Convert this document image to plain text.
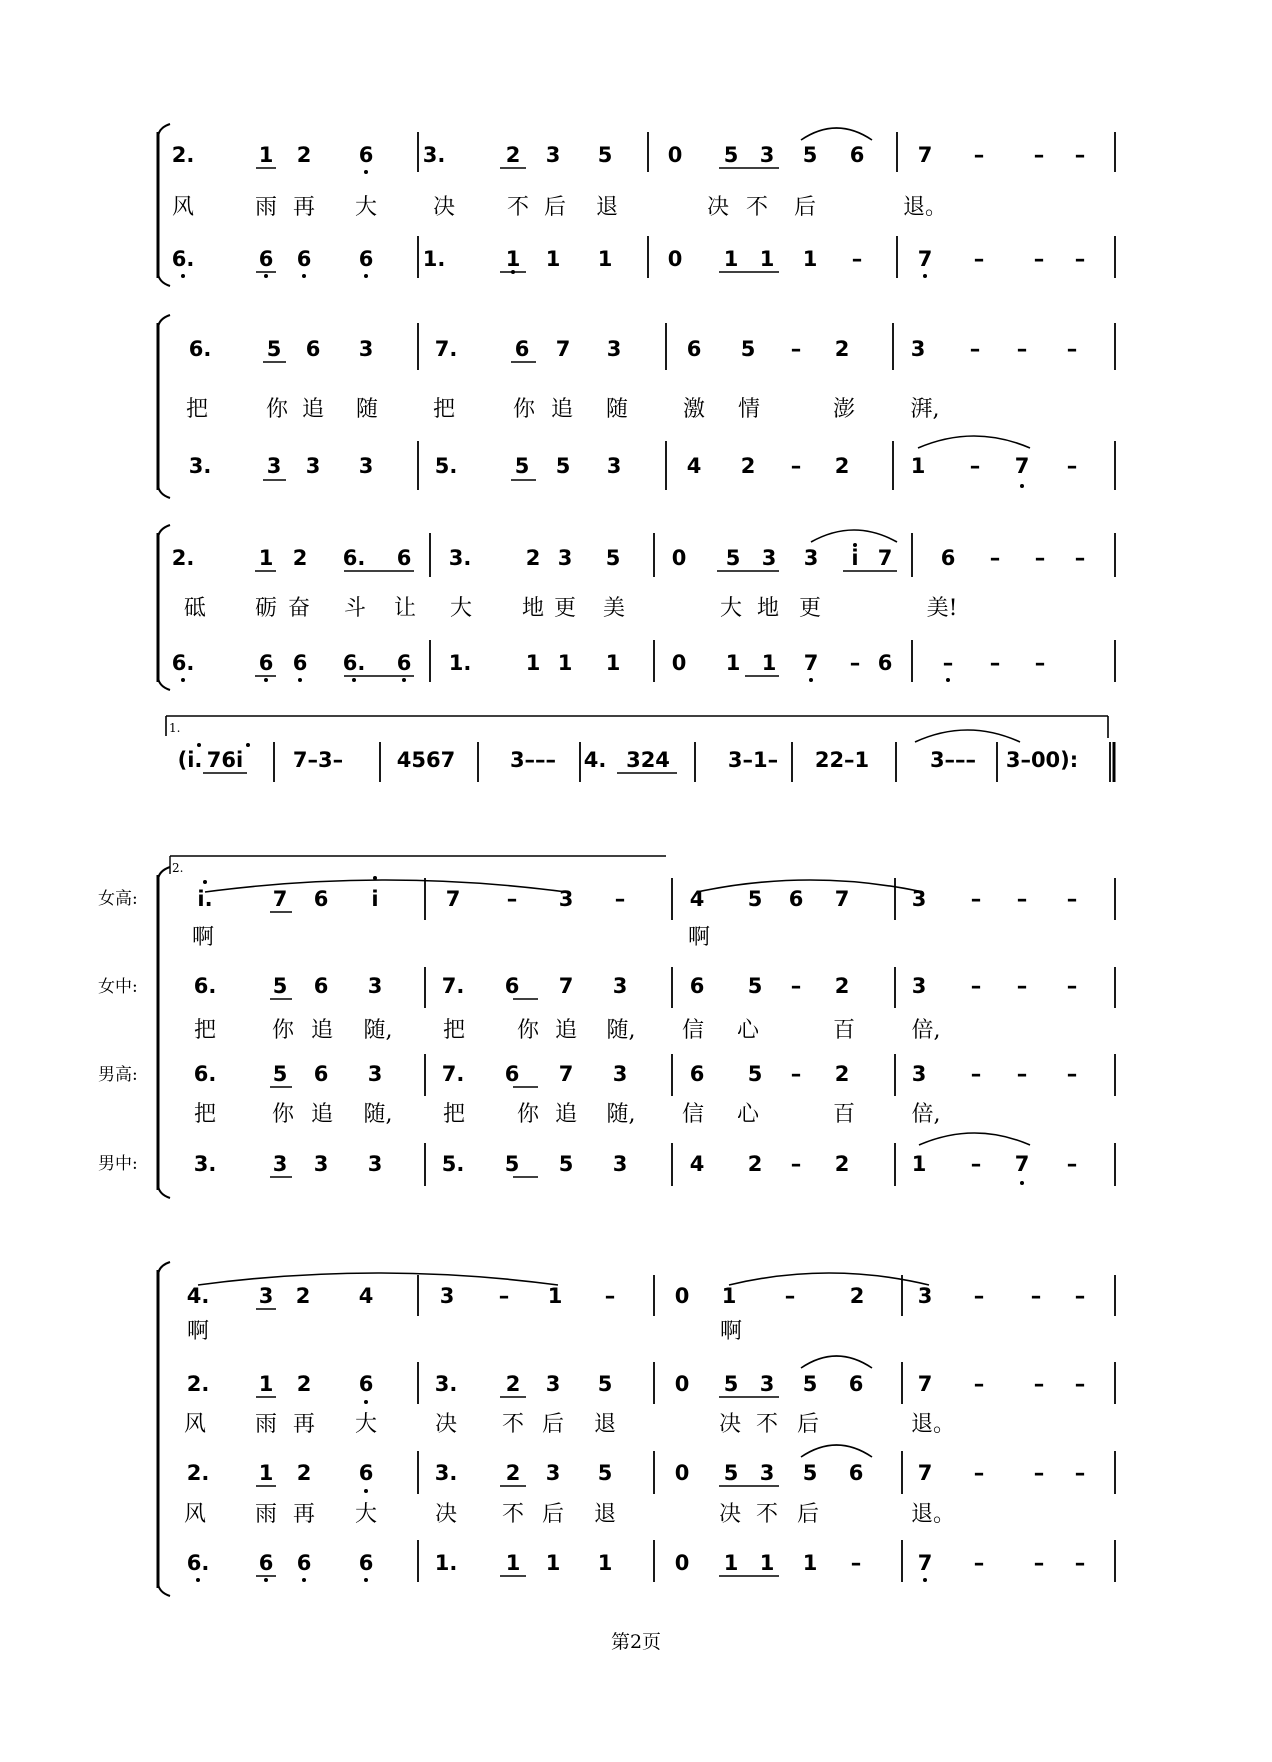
2.	1 2 6 3.	2 3 5	0 5 3 5 6	7 – – –
风	雨 再 大	决 不 后 退	决 不 后	退。
6.	6 6 6 1.	1 1 1	0 1 1 1 –	7 – – –
6.	5 6 3	7.	6 7 3	6 5 – 2	3 – – –
把	你 追 随 把	你 追 随 激 情	澎	湃,
3.	3 3 3	5.	5 5 3	4 2 – 2	1 – 7 –
2.	1 2 6. 6 3.	2 3 5 0 5 3 3 i 7 6 – – –
砥 砺 奋 斗 让 大 地 更 美	大 地 更	美!
6.	6 6 6. 6 1.	1 1 1 0 1 1 7 – 6 – – –
1.
(i. 76i 7–3–	4567	3––– 4. 324	3–1– 22–1	3––– 3–00):
2.
女高:
女中:
男高:
男中:
i.	7 6 i	7 – 3 –	4 5 6 7	3 – – –
啊	啊
6.	5 6 3	7. 6 7 3	6 5 – 2	3 – – –
把	你 追 随, 把 你 追 随, 信 心	百	倍,
6.	5 6 3	7. 6 7 3	6 5 – 2	3 – – –
把	你 追 随, 把 你 追 随, 信 心	百	倍,
3.	3 3 3	5. 5 5 3	4 2 – 2	1 – 7 –
4. 3 2 4	3 – 1 –	0 1 –	2	3 – – –
啊	啊
2. 1 2 6	3. 2 3 5	0 5 3 5 6	7 – – –
风 雨 再 大	决 不 后 退	决 不 后	退。
2. 1 2 6	3. 2 3 5	0 5 3 5 6	7 – – –
风 雨 再 大	决 不 后 退	决 不 后	退。
6. 6 6 6	1. 1 1 1	0 1 1 1 –	7 – – –
第2页
